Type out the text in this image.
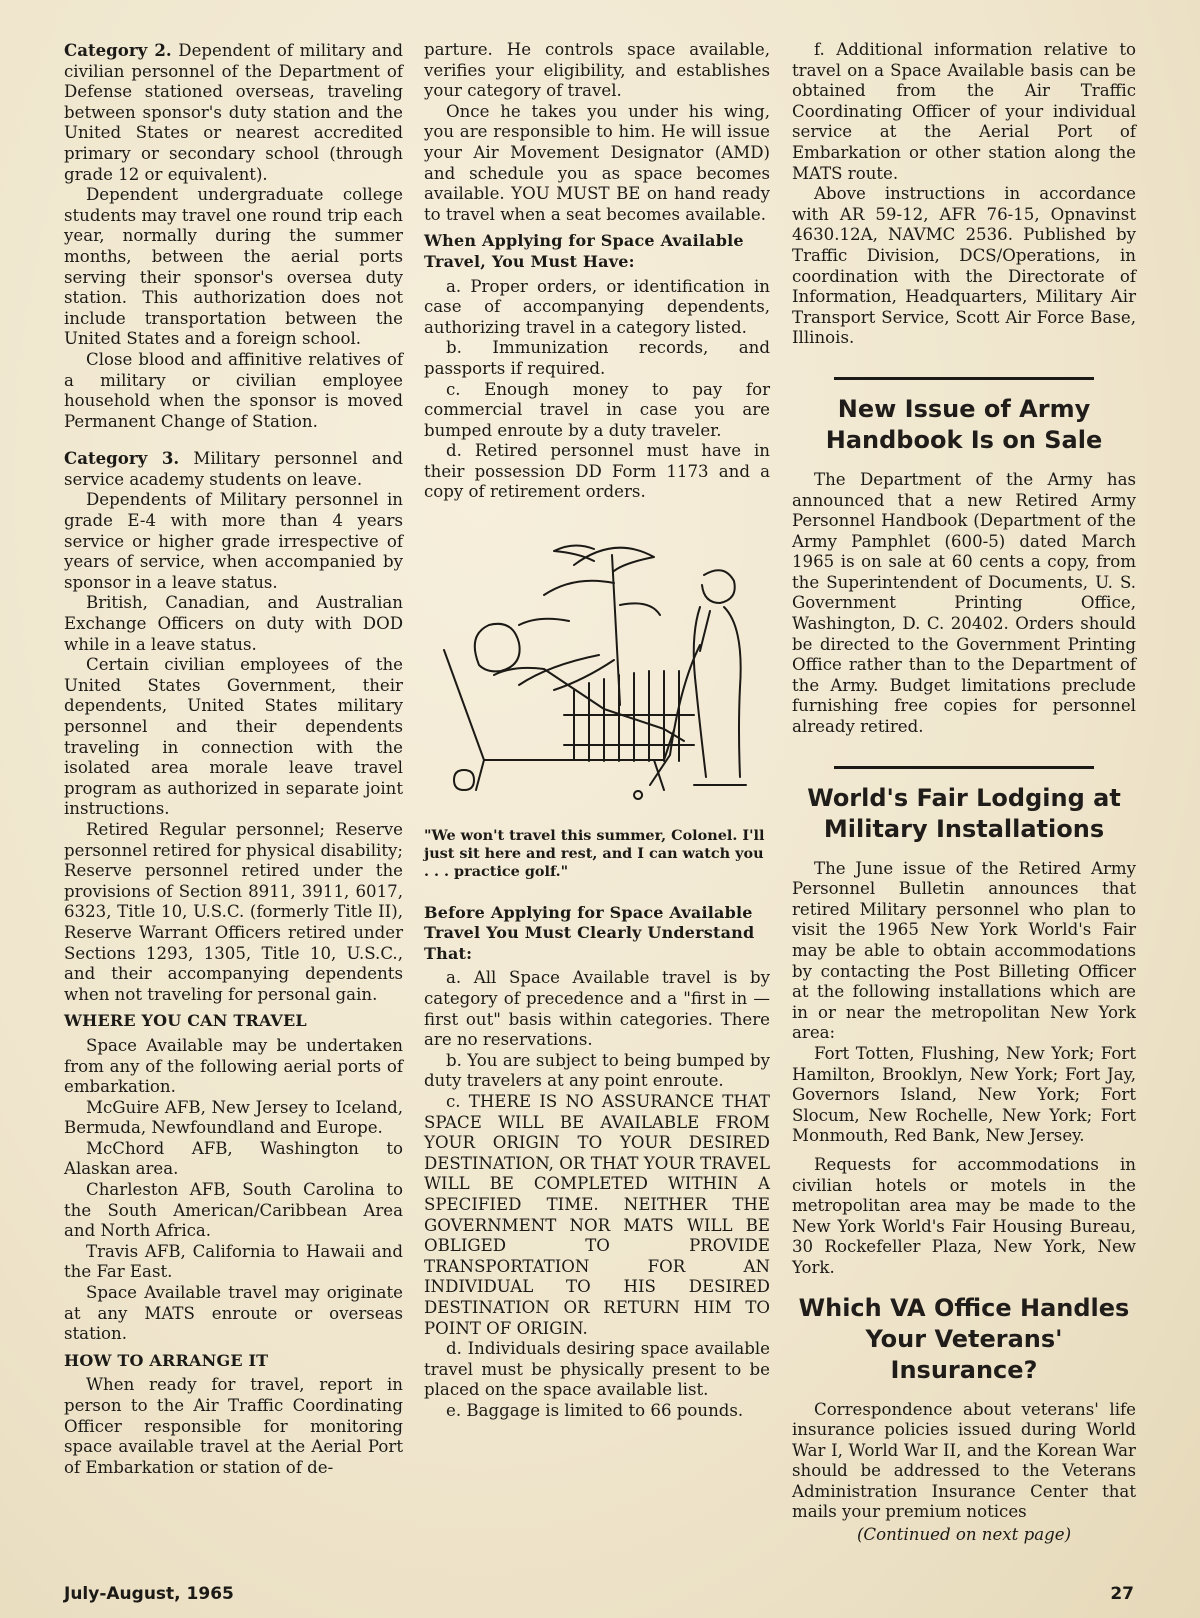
Category 2. Dependent of military and civilian personnel of the Department of Defense stationed overseas, traveling between sponsor's duty station and the United States or nearest accredited primary or secondary school (through grade 12 or equivalent).

Dependent undergraduate college students may travel one round trip each year, normally during the summer months, between the aerial ports serving their sponsor's oversea duty station. This authorization does not include transportation between the United States and a foreign school.

Close blood and affinitive relatives of a military or civilian employee household when the sponsor is moved Permanent Change of Station.

Category 3. Military personnel and service academy students on leave.

Dependents of Military personnel in grade E-4 with more than 4 years service or higher grade irrespective of years of service, when accompanied by sponsor in a leave status.

British, Canadian, and Australian Exchange Officers on duty with DOD while in a leave status.

Certain civilian employees of the United States Government, their dependents, United States military personnel and their dependents traveling in connection with the isolated area morale leave travel program as authorized in separate joint instructions.

Retired Regular personnel; Reserve personnel retired for physical disability; Reserve personnel retired under the provisions of Section 8911, 3911, 6017, 6323, Title 10, U.S.C. (formerly Title II), Reserve Warrant Officers retired under Sections 1293, 1305, Title 10, U.S.C., and their accompanying dependents when not traveling for personal gain.

WHERE YOU CAN TRAVEL

Space Available may be undertaken from any of the following aerial ports of embarkation.

McGuire AFB, New Jersey to Iceland, Bermuda, Newfoundland and Europe.

McChord AFB, Washington to Alaskan area.

Charleston AFB, South Carolina to the South American/Caribbean Area and North Africa.

Travis AFB, California to Hawaii and the Far East.

Space Available travel may originate at any MATS enroute or overseas station.

HOW TO ARRANGE IT

When ready for travel, report in person to the Air Traffic Coordinating Officer responsible for monitoring space available travel at the Aerial Port of Embarkation or station of de-

parture. He controls space available, verifies your eligibility, and establishes your category of travel.

Once he takes you under his wing, you are responsible to him. He will issue your Air Movement Designator (AMD) and schedule you as space becomes available. YOU MUST BE on hand ready to travel when a seat becomes available.

When Applying for Space Available Travel, You Must Have:

a. Proper orders, or identification in case of accompanying dependents, authorizing travel in a category listed.

b. Immunization records, and passports if required.

c. Enough money to pay for commercial travel in case you are bumped enroute by a duty traveler.

d. Retired personnel must have in their possession DD Form 1173 and a copy of retirement orders.

"We won't travel this summer, Colonel. I'll just sit here and rest, and I can watch you . . . practice golf."

Before Applying for Space Available Travel You Must Clearly Understand That:

a. All Space Available travel is by category of precedence and a "first in —first out" basis within categories. There are no reservations.

b. You are subject to being bumped by duty travelers at any point enroute.

c. THERE IS NO ASSURANCE THAT SPACE WILL BE AVAILABLE FROM YOUR ORIGIN TO YOUR DESIRED DESTINATION, OR THAT YOUR TRAVEL WILL BE COMPLETED WITHIN A SPECIFIED TIME. NEITHER THE GOVERNMENT NOR MATS WILL BE OBLIGED TO PROVIDE TRANSPORTATION FOR AN INDIVIDUAL TO HIS DESIRED DESTINATION OR RETURN HIM TO POINT OF ORIGIN.

d. Individuals desiring space available travel must be physically present to be placed on the space available list.

e. Baggage is limited to 66 pounds.

f. Additional information relative to travel on a Space Available basis can be obtained from the Air Traffic Coordinating Officer of your individual service at the Aerial Port of Embarkation or other station along the MATS route.

Above instructions in accordance with AR 59-12, AFR 76-15, Opnavinst 4630.12A, NAVMC 2536. Published by Traffic Division, DCS/Operations, in coordination with the Directorate of Information, Headquarters, Military Air Transport Service, Scott Air Force Base, Illinois.

New Issue of Army Handbook Is on Sale

The Department of the Army has announced that a new Retired Army Personnel Handbook (Department of the Army Pamphlet (600-5) dated March 1965 is on sale at 60 cents a copy, from the Superintendent of Documents, U. S. Government Printing Office, Washington, D. C. 20402. Orders should be directed to the Government Printing Office rather than to the Department of the Army. Budget limitations preclude furnishing free copies for personnel already retired.

World's Fair Lodging at Military Installations

The June issue of the Retired Army Personnel Bulletin announces that retired Military personnel who plan to visit the 1965 New York World's Fair may be able to obtain accommodations by contacting the Post Billeting Officer at the following installations which are in or near the metropolitan New York area:

Fort Totten, Flushing, New York; Fort Hamilton, Brooklyn, New York; Fort Jay, Governors Island, New York; Fort Slocum, New Rochelle, New York; Fort Monmouth, Red Bank, New Jersey.

Requests for accommodations in civilian hotels or motels in the metropolitan area may be made to the New York World's Fair Housing Bureau, 30 Rockefeller Plaza, New York, New York.

Which VA Office Handles Your Veterans' Insurance?

Correspondence about veterans' life insurance policies issued during World War I, World War II, and the Korean War should be addressed to the Veterans Administration Insurance Center that mails your premium notices

(Continued on next page)

July-August, 1965	27
